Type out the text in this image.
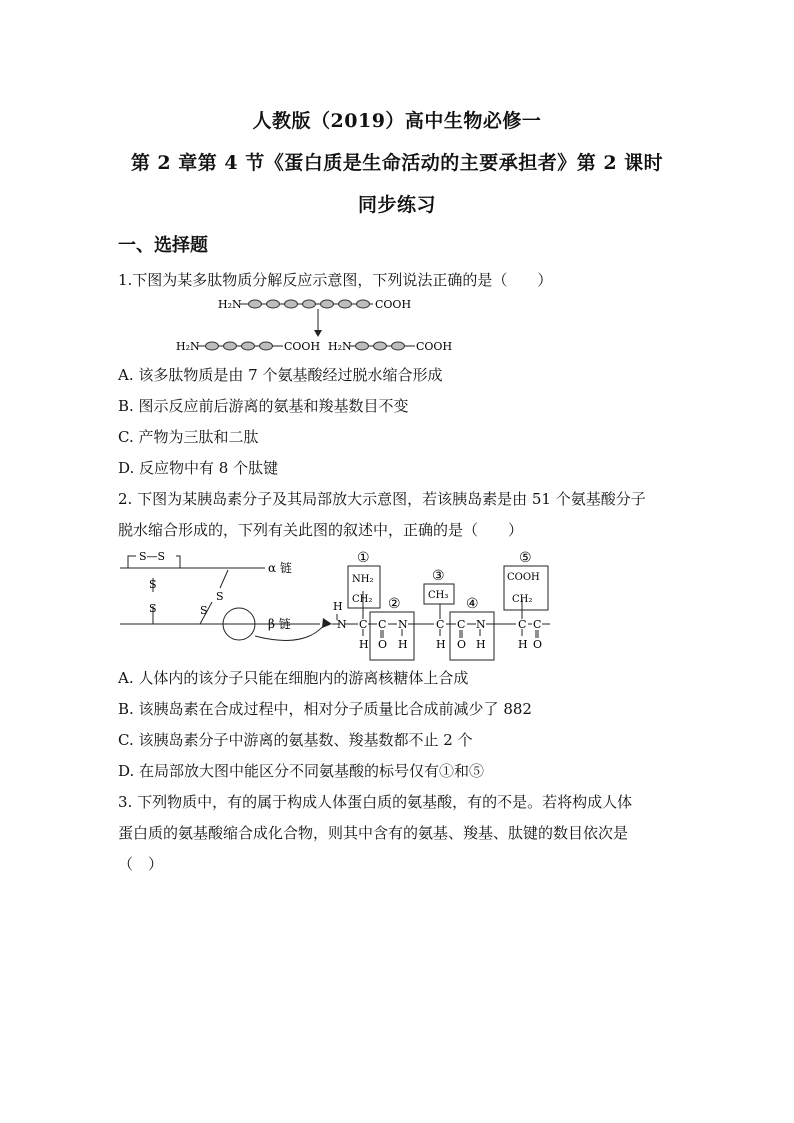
人教版（2019）高中生物必修一
第 2 章第 4 节《蛋白质是生命活动的主要承担者》第 2 课时
同步练习
一、选择题
1.下图为某多肽物质分解反应示意图，下列说法正确的是（　　）
H₂N	COOH
H₂N	COOH H₂N	COOH
A. 该多肽物质是由 7 个氨基酸经过脱水缩合形成
B. 图示反应前后游离的氨基和羧基数目不变
C. 产物为三肽和二肽
D. 反应物中有 8 个肽键
2. 下图为某胰岛素分子及其局部放大示意图，若该胰岛素是由 51 个氨基酸分子
脱水缩合形成的，下列有关此图的叙述中，正确的是（　　）
S—S
S
S
S
S
α 链
β 链
①
②
③
④
⑤
NH₂
CH₂	CH₃
COOH
CH₂
H
N C
H
C
O
N
H
C
H
C
O
N
H
C
H
C
O
A. 人体内的该分子只能在细胞内的游离核糖体上合成
B. 该胰岛素在合成过程中，相对分子质量比合成前减少了 882
C. 该胰岛素分子中游离的氨基数、羧基数都不止 2 个
D. 在局部放大图中能区分不同氨基酸的标号仅有①和⑤
3. 下列物质中，有的属于构成人体蛋白质的氨基酸，有的不是。若将构成人体
蛋白质的氨基酸缩合成化合物，则其中含有的氨基、羧基、肽键的数目依次是
（　）
